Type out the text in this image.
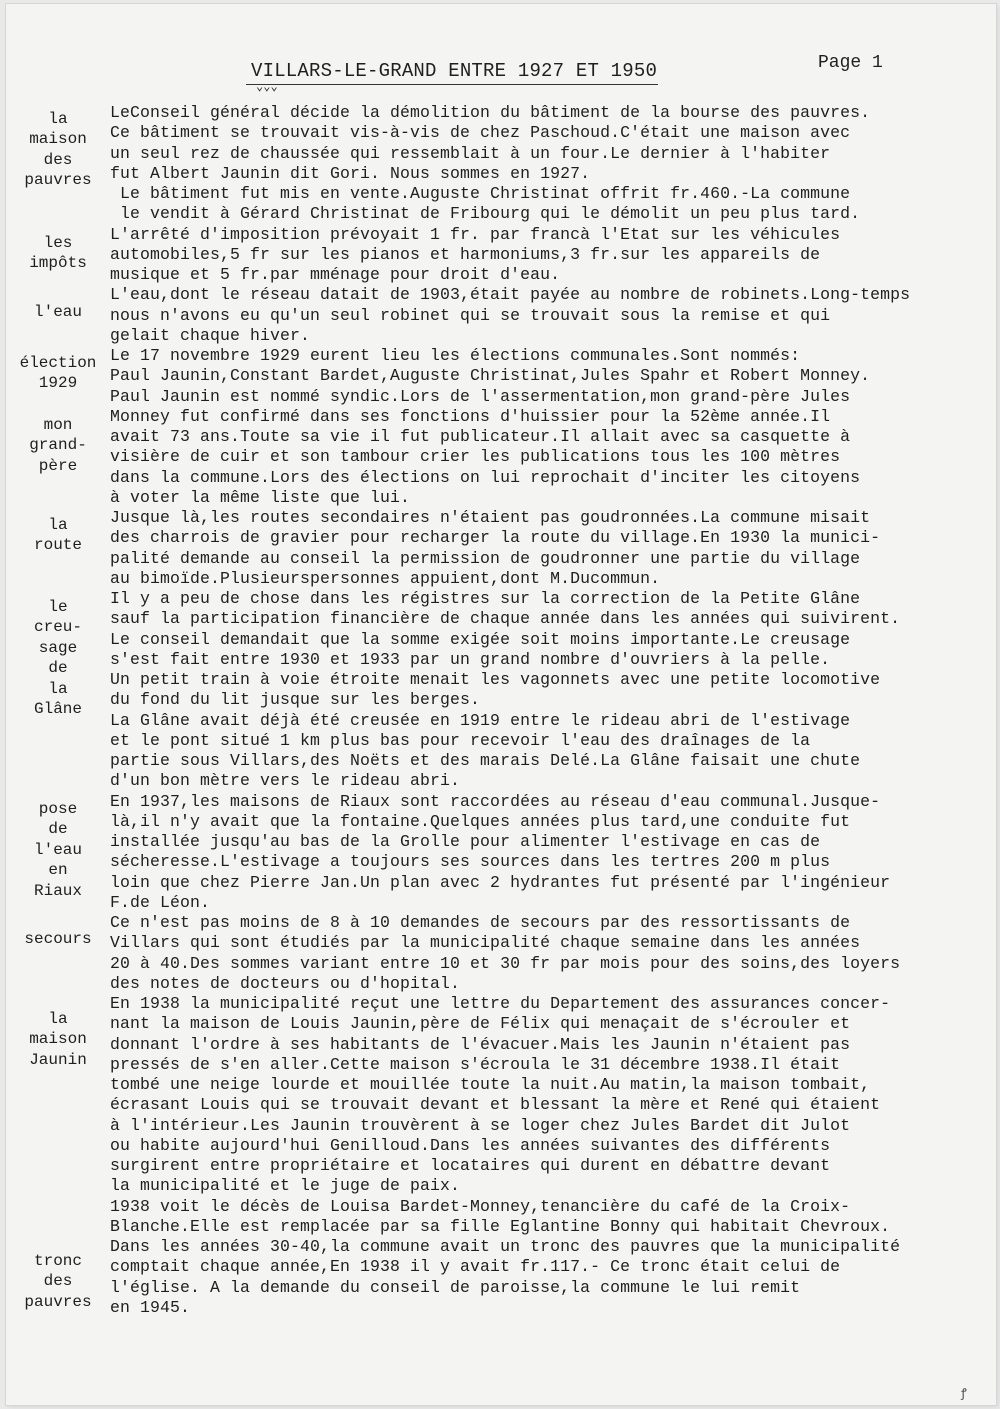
VILLARS-LE-GRAND ENTRE 1927 ET 1950
⌄⌄⌄
Page 1
la
maison
des
pauvres
les
impôts
l'eau
élection
1929
mon
grand-
père
la
route
le
creu-
sage
de
la
Glâne
pose
de
l'eau
en
Riaux
secours
la
maison
Jaunin
tronc
des
pauvres
LeConseil général décide la démolition du bâtiment de la bourse des pauvres.
Ce bâtiment se trouvait vis-à-vis de chez Paschoud.C'était une maison avec
un seul rez de chaussée qui ressemblait à un four.Le dernier à l'habiter
fut Albert Jaunin dit Gori. Nous sommes en 1927.
Le bâtiment fut mis en vente.Auguste Christinat offrit fr.460.-La commune
le vendit à Gérard Christinat de Fribourg qui le démolit un peu plus tard.
L'arrêté d'imposition prévoyait 1 fr. par francà l'Etat sur les véhicules
automobiles,5 fr sur les pianos et harmoniums,3 fr.sur les appareils de
musique et 5 fr.par mménage pour droit d'eau.
L'eau,dont le réseau datait de 1903,était payée au nombre de robinets.Long-temps
nous n'avons eu qu'un seul robinet qui se trouvait sous la remise et qui
gelait chaque hiver.
Le 17 novembre 1929 eurent lieu les élections communales.Sont nommés:
Paul Jaunin,Constant Bardet,Auguste Christinat,Jules Spahr et Robert Monney.
Paul Jaunin est nommé syndic.Lors de l'assermentation,mon grand-père Jules
Monney fut confirmé dans ses fonctions d'huissier pour la 52ème année.Il
avait 73 ans.Toute sa vie il fut publicateur.Il allait avec sa casquette à
visière de cuir et son tambour crier les publications tous les 100 mètres
dans la commune.Lors des élections on lui reprochait d'inciter les citoyens
à voter la même liste que lui.
Jusque là,les routes secondaires n'étaient pas goudronnées.La commune misait
des charrois de gravier pour recharger la route du village.En 1930 la munici-
palité demande au conseil la permission de goudronner une partie du village
au bimoïde.Plusieurspersonnes appuient,dont M.Ducommun.
Il y a peu de chose dans les régistres sur la correction de la Petite Glâne
sauf la participation financière de chaque année dans les années qui suivirent.
Le conseil demandait que la somme exigée soit moins importante.Le creusage
s'est fait entre 1930 et 1933 par un grand nombre d'ouvriers à la pelle.
Un petit train à voie étroite menait les vagonnets avec une petite locomotive
du fond du lit jusque sur les berges.
La Glâne avait déjà été creusée en 1919 entre le rideau abri de l'estivage
et le pont situé 1 km plus bas pour recevoir l'eau des draînages de la
partie sous Villars,des Noëts et des marais Delé.La Glâne faisait une chute
d'un bon mètre vers le rideau abri.
En 1937,les maisons de Riaux sont raccordées au réseau d'eau communal.Jusque-
là,il n'y avait que la fontaine.Quelques années plus tard,une conduite fut
installée jusqu'au bas de la Grolle pour alimenter l'estivage en cas de
sécheresse.L'estivage a toujours ses sources dans les tertres 200 m plus
loin que chez Pierre Jan.Un plan avec 2 hydrantes fut présenté par l'ingénieur
F.de Léon.
Ce n'est pas moins de 8 à 10 demandes de secours par des ressortissants de
Villars qui sont étudiés par la municipalité chaque semaine dans les années
20 à 40.Des sommes variant entre 10 et 30 fr par mois pour des soins,des loyers
des notes de docteurs ou d'hopital.
En 1938 la municipalité reçut une lettre du Departement des assurances concer-
nant la maison de Louis Jaunin,père de Félix qui menaçait de s'écrouler et
donnant l'ordre à ses habitants de l'évacuer.Mais les Jaunin n'étaient pas
pressés de s'en aller.Cette maison s'écroula le 31 décembre 1938.Il était
tombé une neige lourde et mouillée toute la nuit.Au matin,la maison tombait,
écrasant Louis qui se trouvait devant et blessant la mère et René qui étaient
à l'intérieur.Les Jaunin trouvèrent à se loger chez Jules Bardet dit Julot
ou habite aujourd'hui Genilloud.Dans les années suivantes des différents
surgirent entre propriétaire et locataires qui durent en débattre devant
la municipalité et le juge de paix.
1938 voit le décès de Louisa Bardet-Monney,tenancière du café de la Croix-
Blanche.Elle est remplacée par sa fille Eglantine Bonny qui habitait Chevroux.
Dans les années 30-40,la commune avait un tronc des pauvres que la municipalité
comptait chaque année,En 1938 il y avait fr.117.- Ce tronc était celui de
l'église. A la demande du conseil de paroisse,la commune le lui remit
en 1945.
ꝭ
